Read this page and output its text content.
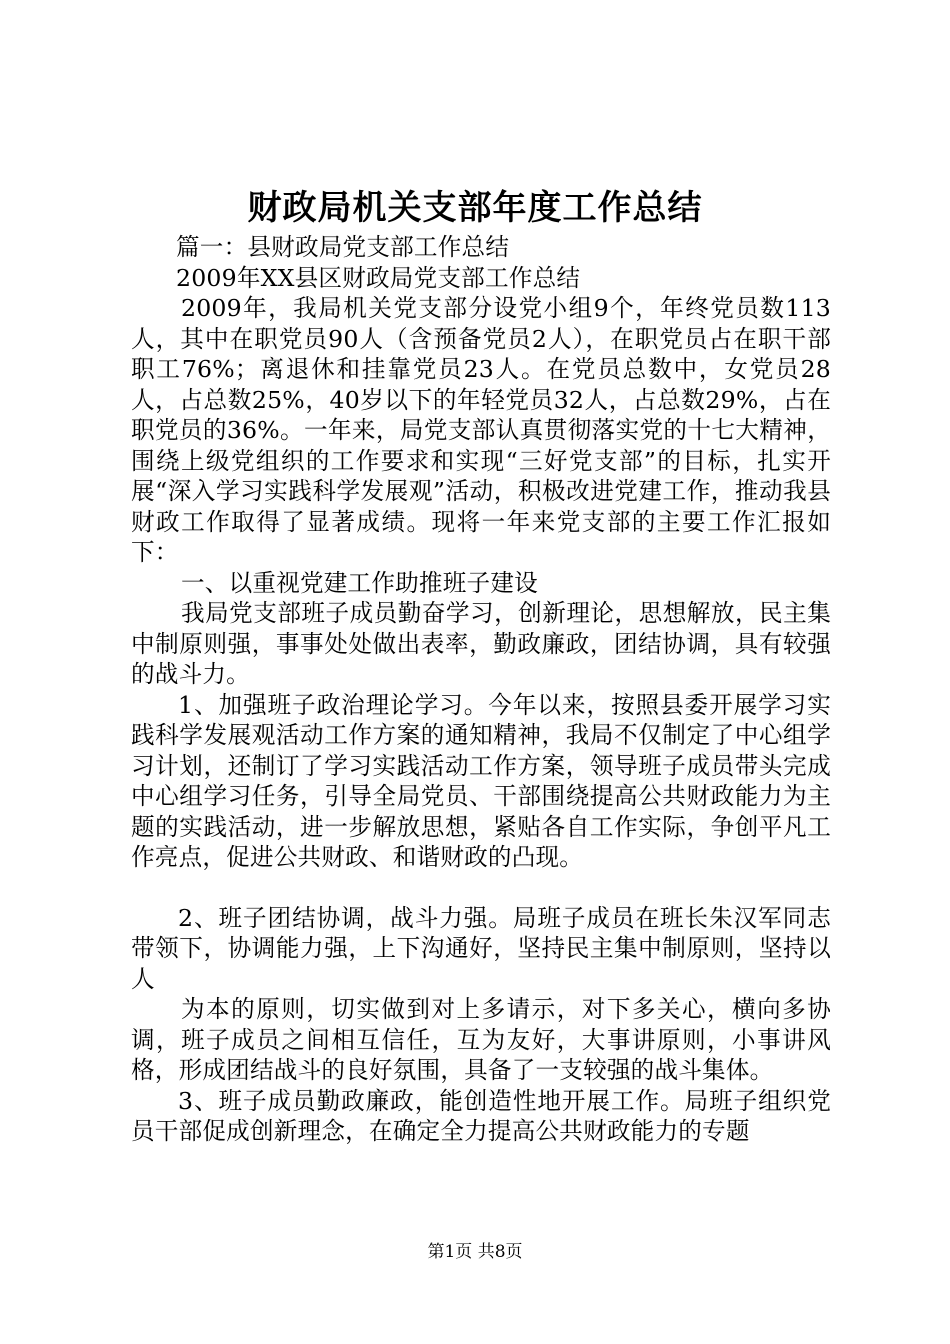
财政局机关支部年度工作总结

篇一：县财政局党支部工作总结

2009年XX县区财政局党支部工作总结

2009年，我局机关党支部分设党小组9个，年终党员数113人，其中在职党员90人（含预备党员2人），在职党员占在职干部职工76%；离退休和挂靠党员23人。在党员总数中，女党员28人，占总数25%，40岁以下的年轻党员32人，占总数29%，占在职党员的36%。一年来，局党支部认真贯彻落实党的十七大精神，围绕上级党组织的工作要求和实现“三好党支部”的目标，扎实开展“深入学习实践科学发展观”活动，积极改进党建工作，推动我县财政工作取得了显著成绩。现将一年来党支部的主要工作汇报如下：

一、以重视党建工作助推班子建设

我局党支部班子成员勤奋学习，创新理论，思想解放，民主集中制原则强，事事处处做出表率，勤政廉政，团结协调，具有较强的战斗力。

1、加强班子政治理论学习。今年以来，按照县委开展学习实践科学发展观活动工作方案的通知精神，我局不仅制定了中心组学习计划，还制订了学习实践活动工作方案，领导班子成员带头完成中心组学习任务，引导全局党员、干部围绕提高公共财政能力为主题的实践活动，进一步解放思想，紧贴各自工作实际，争创平凡工作亮点，促进公共财政、和谐财政的凸现。

2、班子团结协调，战斗力强。局班子成员在班长朱汉军同志带领下，协调能力强，上下沟通好，坚持民主集中制原则，坚持以人

为本的原则，切实做到对上多请示，对下多关心，横向多协调，班子成员之间相互信任，互为友好，大事讲原则，小事讲风格，形成团结战斗的良好氛围，具备了一支较强的战斗集体。

3、班子成员勤政廉政，能创造性地开展工作。局班子组织党员干部促成创新理念，在确定全力提高公共财政能力的专题

第1页 共8页
